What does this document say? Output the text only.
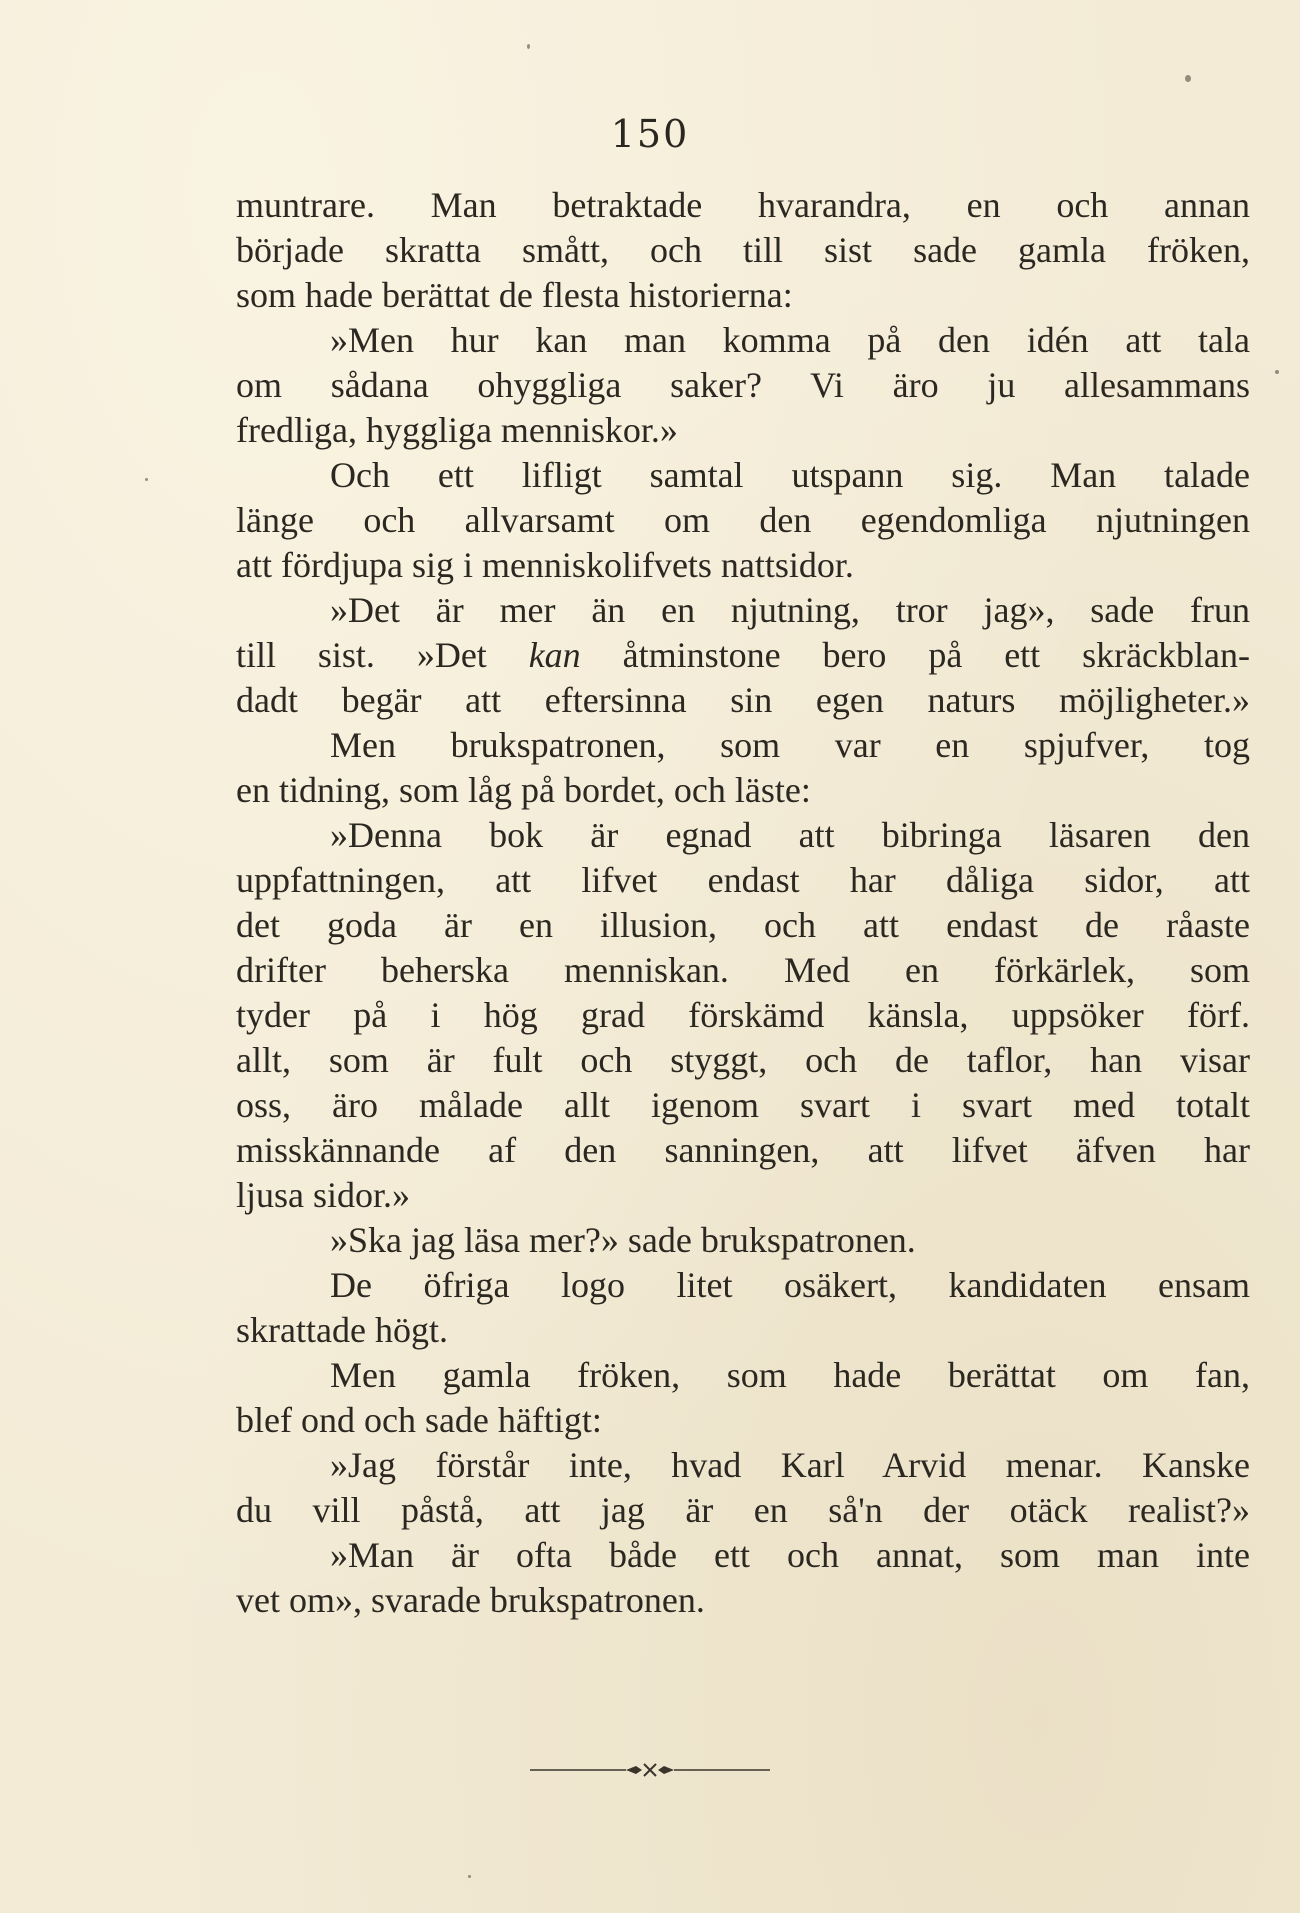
150
muntrare. Man betraktade hvarandra, en och annan
började skratta smått, och till sist sade gamla fröken,
som hade berättat de flesta historierna:
»Men hur kan man komma på den idén att tala
om sådana ohyggliga saker? Vi äro ju allesammans
fredliga, hyggliga menniskor.»
Och ett lifligt samtal utspann sig. Man talade
länge och allvarsamt om den egendomliga njutningen
att fördjupa sig i menniskolifvets nattsidor.
»Det är mer än en njutning, tror jag», sade frun
till sist. »Det kan åtminstone bero på ett skräckblan-
dadt begär att eftersinna sin egen naturs möjligheter.»
Men brukspatronen, som var en spjufver, tog
en tidning, som låg på bordet, och läste:
»Denna bok är egnad att bibringa läsaren den
uppfattningen, att lifvet endast har dåliga sidor, att
det goda är en illusion, och att endast de råaste
drifter beherska menniskan. Med en förkärlek, som
tyder på i hög grad förskämd känsla, uppsöker förf.
allt, som är fult och styggt, och de taflor, han visar
oss, äro målade allt igenom svart i svart med totalt
misskännande af den sanningen, att lifvet äfven har
ljusa sidor.»
»Ska jag läsa mer?» sade brukspatronen.
De öfriga logo litet osäkert, kandidaten ensam
skrattade högt.
Men gamla fröken, som hade berättat om fan,
blef ond och sade häftigt:
»Jag förstår inte, hvad Karl Arvid menar. Kanske
du vill påstå, att jag är en så'n der otäck realist?»
»Man är ofta både ett och annat, som man inte
vet om», svarade brukspatronen.
